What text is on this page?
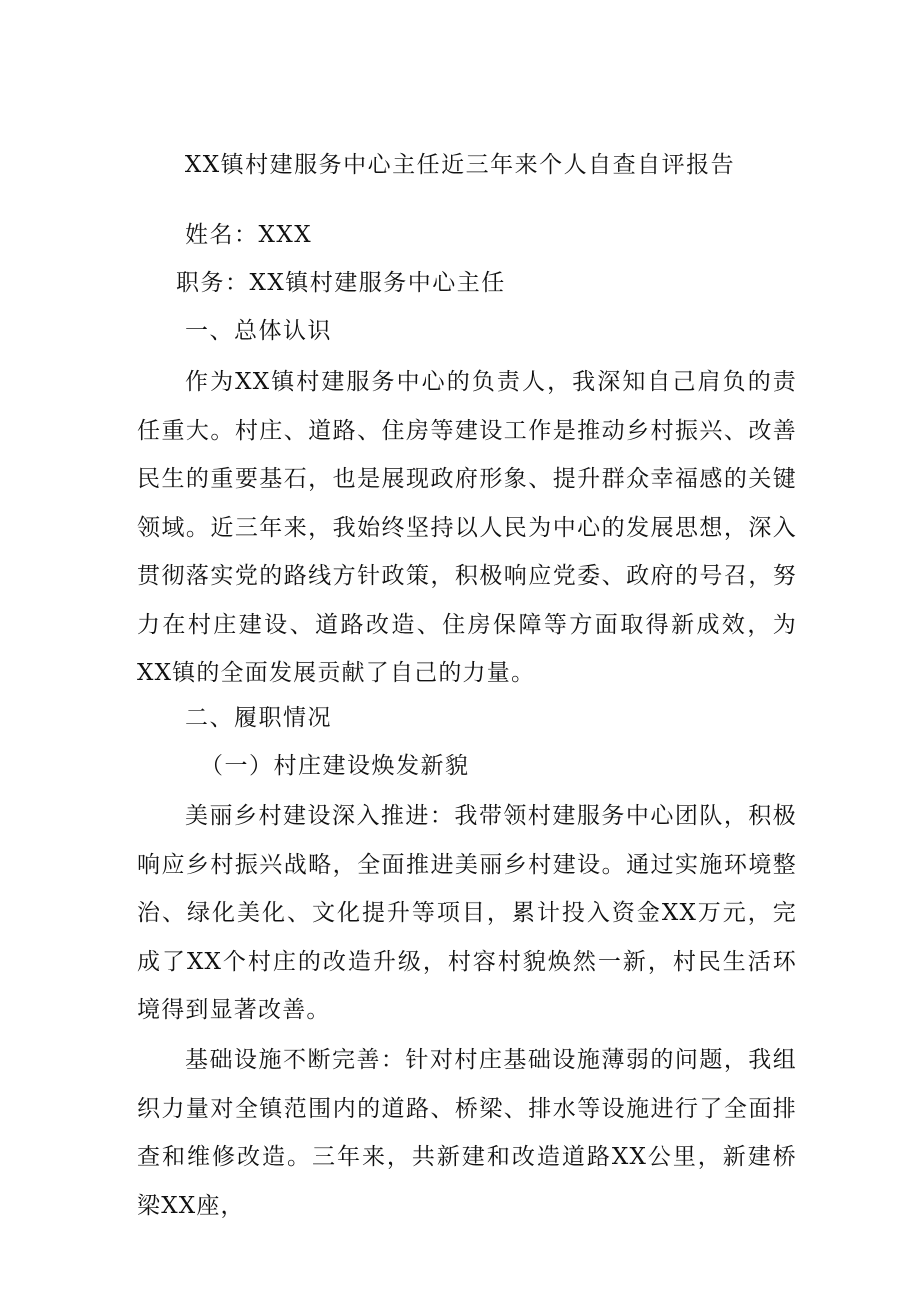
XX镇村建服务中心主任近三年来个人自查自评报告
姓名：XXX
职务：XX镇村建服务中心主任
一、总体认识

作为XX镇村建服务中心的负责人，我深知自己肩负的责任重大。村庄、道路、住房等建设工作是推动乡村振兴、改善民生的重要基石，也是展现政府形象、提升群众幸福感的关键领域。近三年来，我始终坚持以人民为中心的发展思想，深入贯彻落实党的路线方针政策，积极响应党委、政府的号召，努力在村庄建设、道路改造、住房保障等方面取得新成效，为XX镇的全面发展贡献了自己的力量。

二、履职情况
（一）村庄建设焕发新貌

美丽乡村建设深入推进：我带领村建服务中心团队，积极响应乡村振兴战略，全面推进美丽乡村建设。通过实施环境整治、绿化美化、文化提升等项目，累计投入资金XX万元，完成了XX个村庄的改造升级，村容村貌焕然一新，村民生活环境得到显著改善。

基础设施不断完善：针对村庄基础设施薄弱的问题，我组织力量对全镇范围内的道路、桥梁、排水等设施进行了全面排查和维修改造。三年来，共新建和改造道路XX公里，新建桥梁XX座，
